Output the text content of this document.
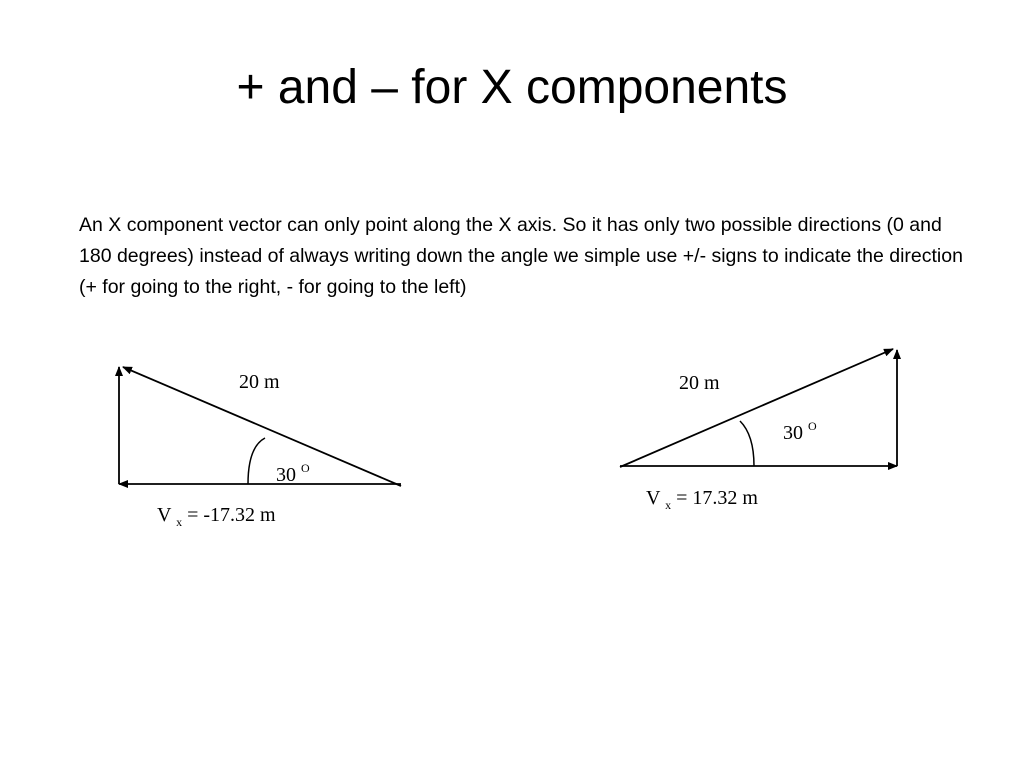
+ and – for X components

An X component vector can only point along the X axis. So it has only two possible directions (0 and 180 degrees) instead of always writing down the angle we simple use +/- signs to indicate the direction (+ for going to the right, - for going to the left)

20 m
30 $^O$
V $_x$ = -17.32 m
20 m
30 $^O$
V $_x$ = 17.32 m
